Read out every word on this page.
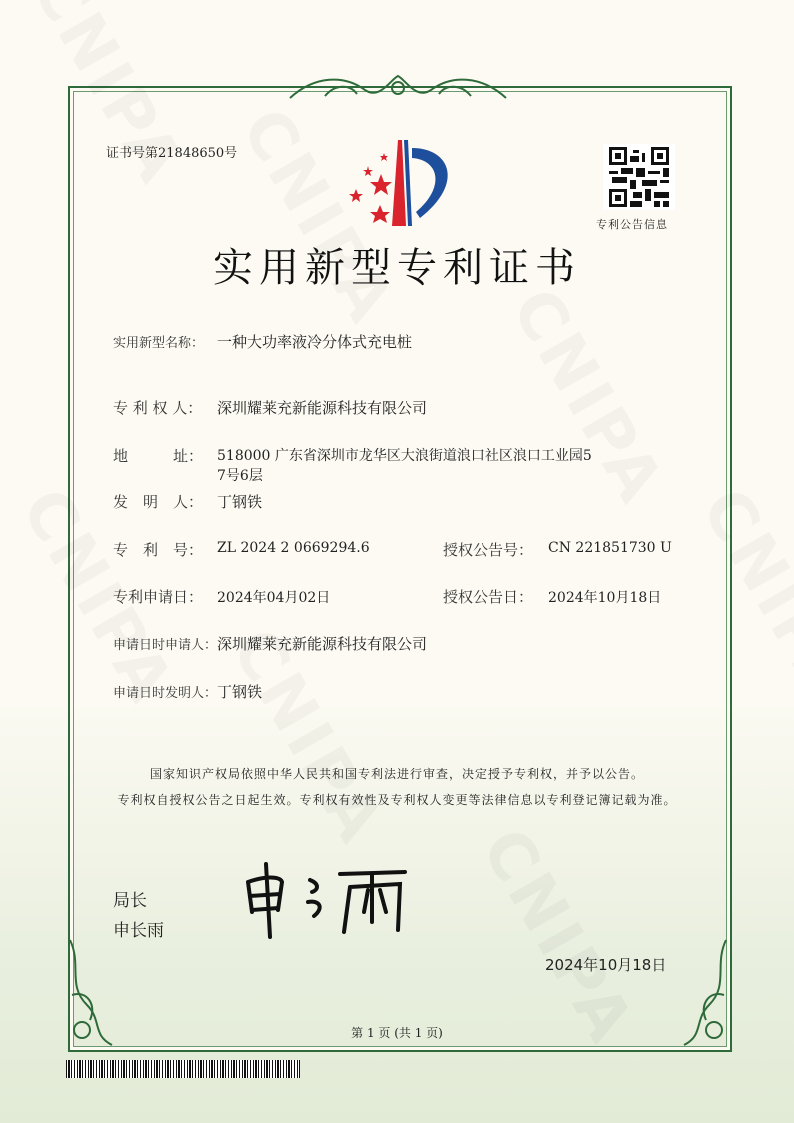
证书号第21848650号
专利公告信息
实用新型专利证书
实用新型名称： 一种大功率液冷分体式充电桩
专 利 权 人： 深圳耀莱充新能源科技有限公司
地　　　址： 518000 广东省深圳市龙华区大浪街道浪口社区浪口工业园5
7号6层
发　明　人： 丁钢铁
专　利　号： ZL 2024 2 0669294.6	授权公告号： CN 221851730 U
专利申请日： 2024年04月02日	授权公告日： 2024年10月18日
申请日时申请人： 深圳耀莱充新能源科技有限公司
申请日时发明人： 丁钢铁
国家知识产权局依照中华人民共和国专利法进行审查，决定授予专利权，并予以公告。
专利权自授权公告之日起生效。专利权有效性及专利权人变更等法律信息以专利登记簿记载为准。
局长
申长雨
2024年10月18日
第 1 页 (共 1 页)
